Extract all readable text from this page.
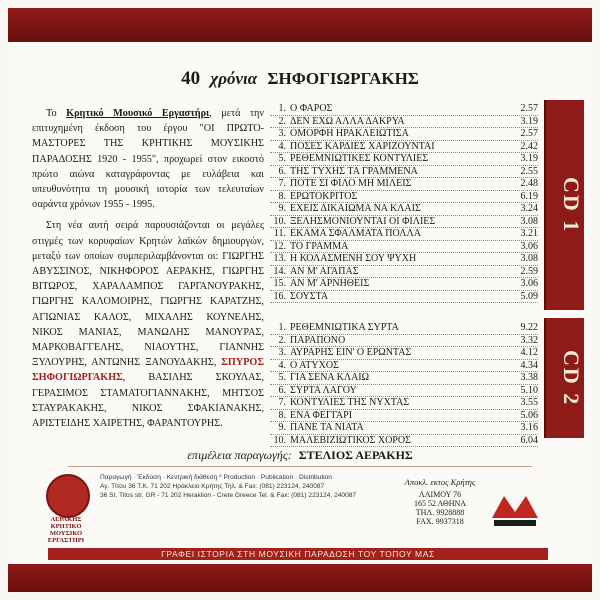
40 χρόνια ΣΗΦΟΓΙΩΡΓΑΚΗΣ

Το Κρητικό Μουσικό Εργαστήρι, μετά την επιτυχημένη έκδοση του έργου "ΟΙ ΠΡΩΤΟ-ΜΑΣΤΟΡΕΣ ΤΗΣ ΚΡΗΤΙΚΗΣ ΜΟΥΣΙΚΗΣ ΠΑΡΑΔΟΣΗΣ 1920 - 1955", προχωρεί στον εικοστό πρώτο αιώνα καταγράφοντας με ευλάβεια και υπευθυνότητα τη μουσική ιστορία των τελευταίων σαράντα χρόνων 1955 - 1995.

Στη νέα αυτή σειρά παρουσιάζονται οι μεγάλες στιγμές των κορυφαίων Κρητών λαϊκών δημιουργών, μεταξύ των οποίων συμπεριλαμβάνονται οι: ΓΙΩΡΓΗΣ ΑΒΥΣΣΙΝΟΣ, ΝΙΚΗΦΟΡΟΣ ΑΕΡΑΚΗΣ, ΓΙΩΡΓΗΣ ΒΙΤΩΡΟΣ, ΧΑΡΑΛΑΜΠΟΣ ΓΑΡΓΑΝΟΥΡΑΚΗΣ, ΓΙΩΡΓΗΣ ΚΑΛΟΜΟΙΡΗΣ, ΓΙΩΡΓΗΣ ΚΑΡΑΤΖΗΣ, ΑΓΙΩΝΙΑΣ ΚΑΛΟΣ, ΜΙΧΑΛΗΣ ΚΟΥΝΕΛΗΣ, ΝΙΚΟΣ ΜΑΝΙΑΣ, ΜΑΝΩΛΗΣ ΜΑΝΟΥΡΑΣ, ΜΑΡΚΟΒΑΓΓΕΛΗΣ, ΝΙΑΟΥΤΗΣ, ΓΙΑΝΝΗΣ ΞΥΛΟΥΡΗΣ, ΑΝΤΩΝΗΣ ΞΑΝΟΥΔΑΚΗΣ, ΣΠΥΡΟΣ ΣΗΦΟΓΙΩΡΓΑΚΗΣ, ΒΑΣΙΛΗΣ ΣΚΟΥΛΑΣ, ΓΕΡΑΣΙΜΟΣ ΣΤΑΜΑΤΟΓΙΑΝΝΑΚΗΣ, ΜΗΤΣΟΣ ΣΤΑΥΡΑΚΑΚΗΣ, ΝΙΚΟΣ ΣΦΑΚΙΑΝΑΚΗΣ, ΑΡΙΣΤΕΙΔΗΣ ΧΑΙΡΕΤΗΣ, ΦΑΡΑΝΤΟΥΡΗΣ.

1. Ο ΦΑΡΟΣ	2.57
2. ΔΕΝ ΕΧΩ ΑΛΛΑ ΔΑΚΡΥΑ	3.19
3. ΟΜΟΡΦΗ ΗΡΑΚΛΕΙΩΤΙΣΑ	2.57
4. ΠΟΣΕΣ ΚΑΡΔΙΕΣ ΧΑΡΙΖΟΥΝΤΑΙ	2.42
5. ΡΕΘΕΜΝΙΩΤΙΚΕΣ ΚΟΝΤΥΛΙΕΣ	3.19
6. ΤΗΣ ΤΥΧΗΣ ΤΑ ΓΡΑΜΜΕΝΑ	2.55
7. ΠΟΤΕ ΣΙ ΦΙΛΟ ΜΗ ΜΙΛΕΙΣ	2.48
8. ΕΡΩΤΟΚΡΙΤΟΣ	6.19
9. ΕΧΕΙΣ ΔΙΚΑΙΩΜΑ ΝΑ ΚΛΑΙΣ	3.24
10. ΞΕΛΗΣΜΟΝΙΟΥΝΤΑΙ ΟΙ ΦΙΛΙΕΣ	3.08
11. ΕΚΑΜΑ ΣΦΑΛΜΑΤΑ ΠΟΛΛΑ	3.21
12. ΤΟ ΓΡΑΜΜΑ	3.06
13. Η ΚΟΛΑΣΜΕΝΗ ΣΟΥ ΨΥΧΗ	3.08
14. ΑΝ Μ' ΑΓΑΠΑΣ	2.59
15. ΑΝ Μ' ΑΡΝΗΘΕΙΣ	3.06
16. ΣΟΥΣΤΑ	5.09
CD 1
1. ΡΕΘΕΜΝΙΩΤΙΚΑ ΣΥΡΤΑ	9.22
2. ΠΑΡΑΠΟΝΟ	3.32
3. ΑΥΡΑΡΗΣ ΕΙΝ' Ο ΕΡΩΝΤΑΣ	4.12
4. Ο ΑΤΥΧΟΣ	4.34
5. ΓΙΑ ΣΕΝΑ ΚΛΑΙΩ	3.38
6. ΣΥΡΤΑ ΛΑΓΟΥ	5.10
7. ΚΟΝΤΥΛΙΕΣ ΤΗΣ ΝΥΧΤΑΣ	3.55
8. ΕΝΑ ΦΕΓΓΑΡΙ	5.06
9. ΠΑΝΕ ΤΑ ΝΙΑΤΑ	3.16
10. ΜΑΛΕΒΙΖΙΩΤΙΚΟΣ ΧΟΡΟΣ	6.04
CD 2
επιμέλεια παραγωγής: ΣΤΕΛΙΟΣ ΑΕΡΑΚΗΣ
ΑΕΡΑΚΗΣ ΚΡΗΤΙΚΟ ΜΟΥΣΙΚΟ ΕΡΓΑΣΤΗΡΙ
Παραγωγή · Έκδοση · Κεντρική διάθεση * Production · Publication · Distribution
Αγ. Τίτου 36 Τ.Κ. 71 202 Ηράκλειο Κρήτης Τηλ. & Fax: (081) 223124, 240087
36 St. Titos str. GR - 71 202 Heraklion - Crete Greece Tel. & Fax: (081) 223124, 240087
Αποκλ. εκτος Κρήτης
ΛΑΙΜΟΥ 76
165 52 ΑΘΗΝΑ
ΤΗΛ. 9928888
FAX. 9937318
ΓΡΑΦΕΙ ΙΣΤΟΡΙΑ ΣΤΗ ΜΟΥΣΙΚΗ ΠΑΡΑΔΟΣΗ ΤΟΥ ΤΟΠΟΥ ΜΑΣ
